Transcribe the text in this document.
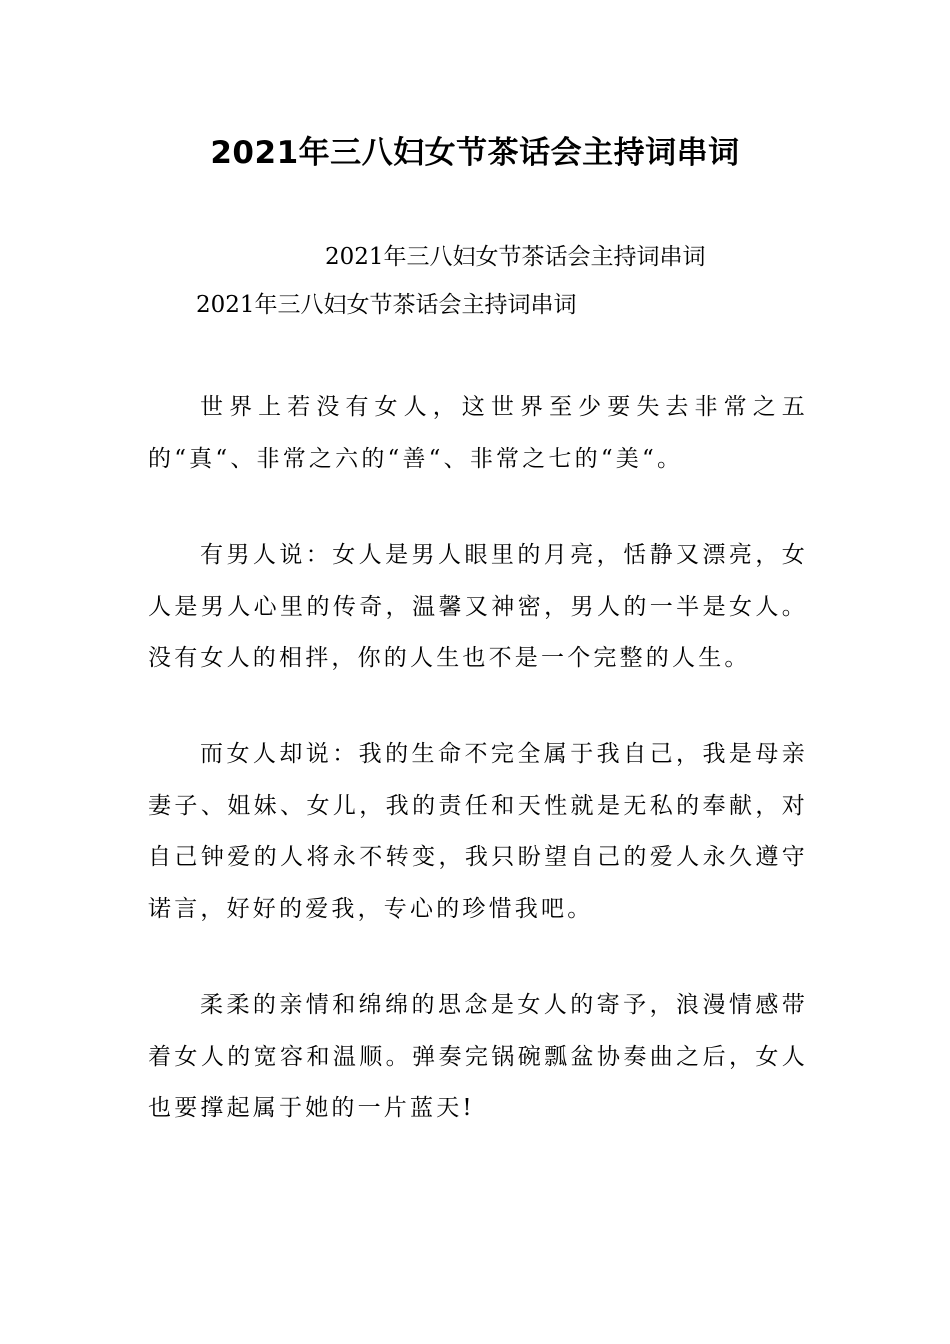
2021年三八妇女节茶话会主持词串词

2021年三八妇女节茶话会主持词串词

2021年三八妇女节茶话会主持词串词

世界上若没有女人，这世界至少要失去非常之五的“真“、非常之六的“善“、非常之七的“美“。

有男人说：女人是男人眼里的月亮，恬静又漂亮，女人是男人心里的传奇，温馨又神密，男人的一半是女人。没有女人的相拌，你的人生也不是一个完整的人生。

而女人却说：我的生命不完全属于我自己，我是母亲妻子、姐妹、女儿，我的责任和天性就是无私的奉献，对自己钟爱的人将永不转变，我只盼望自己的爱人永久遵守诺言，好好的爱我，专心的珍惜我吧。

柔柔的亲情和绵绵的思念是女人的寄予，浪漫情感带着女人的宽容和温顺。弹奏完锅碗瓢盆协奏曲之后，女人也要撑起属于她的一片蓝天!
